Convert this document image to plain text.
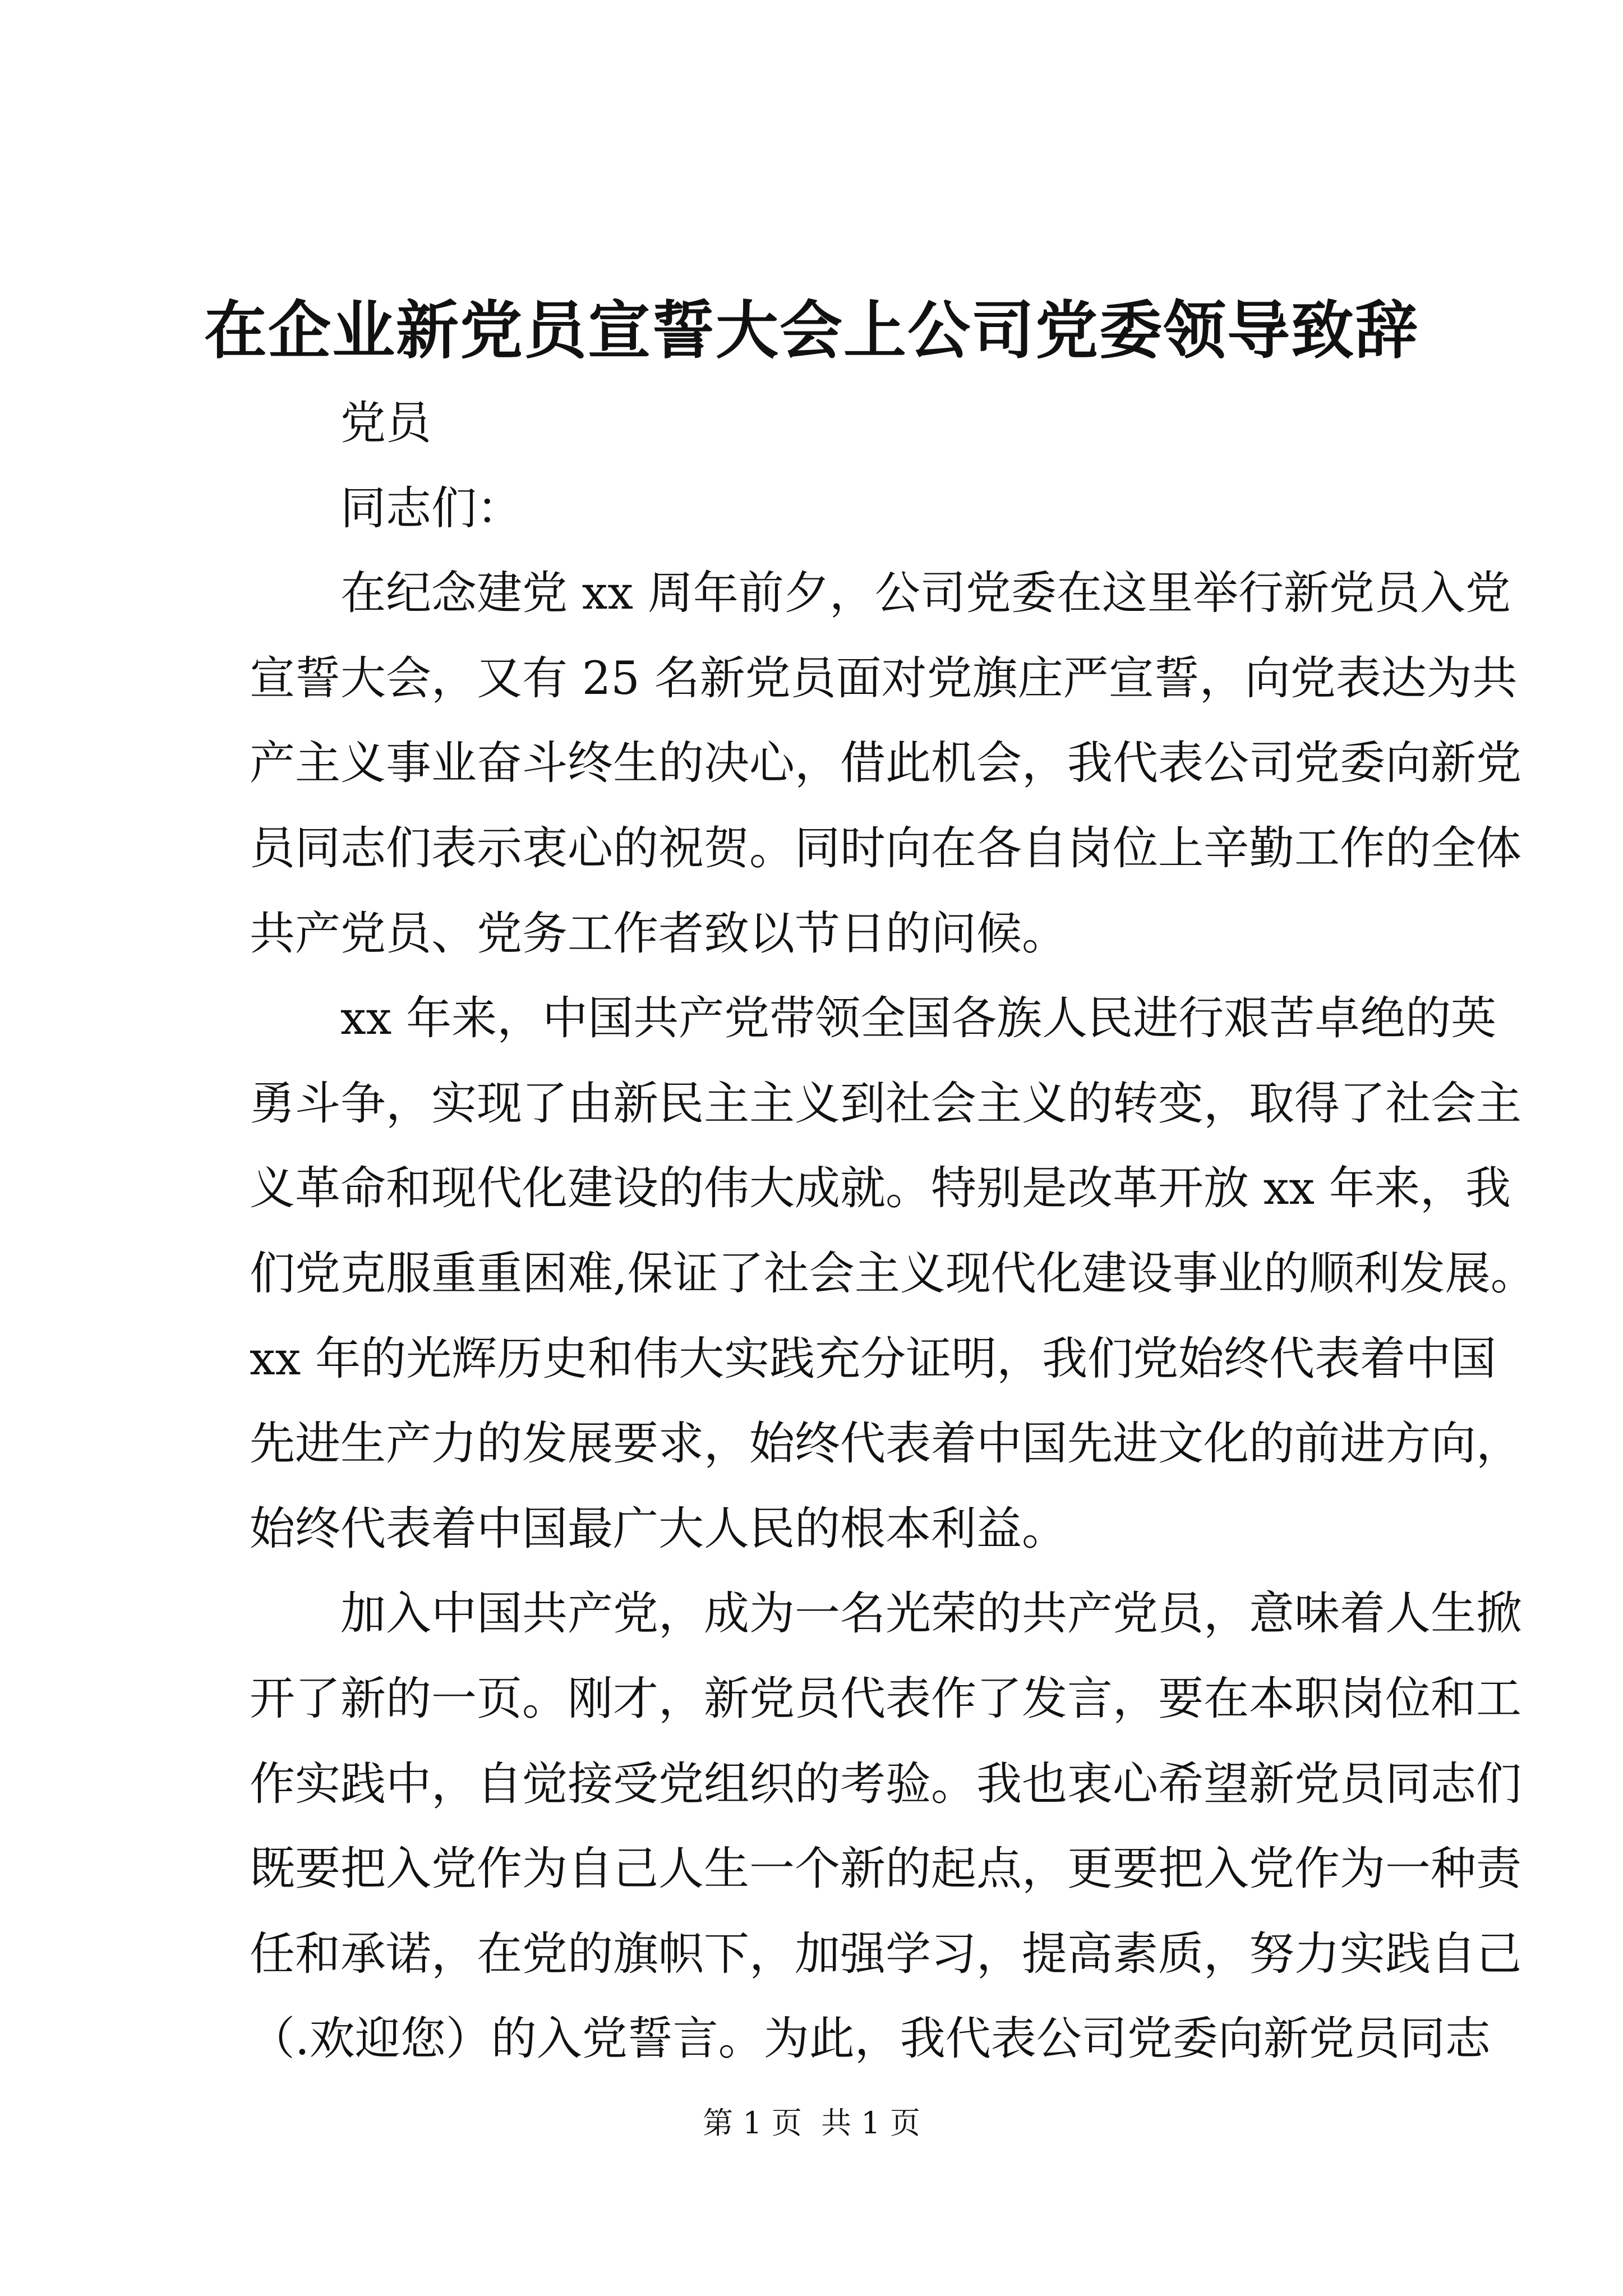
在企业新党员宣誓大会上公司党委领导致辞
党员
同志们：
在纪念建党 xx 周年前夕，公司党委在这里举行新党员入党
宣誓大会，又有 25 名新党员面对党旗庄严宣誓，向党表达为共
产主义事业奋斗终生的决心，借此机会，我代表公司党委向新党
员同志们表示衷心的祝贺。同时向在各自岗位上辛勤工作的全体
共产党员、党务工作者致以节日的问候。
xx 年来，中国共产党带领全国各族人民进行艰苦卓绝的英
勇斗争，实现了由新民主主义到社会主义的转变，取得了社会主
义革命和现代化建设的伟大成就。特别是改革开放 xx 年来，我
们党克服重重困难,保证了社会主义现代化建设事业的顺利发展。
xx 年的光辉历史和伟大实践充分证明，我们党始终代表着中国
先进生产力的发展要求，始终代表着中国先进文化的前进方向，
始终代表着中国最广大人民的根本利益。
加入中国共产党，成为一名光荣的共产党员，意味着人生掀
开了新的一页。刚才，新党员代表作了发言，要在本职岗位和工
作实践中，自觉接受党组织的考验。我也衷心希望新党员同志们
既要把入党作为自己人生一个新的起点，更要把入党作为一种责
任和承诺，在党的旗帜下，加强学习，提高素质，努力实践自己
（.欢迎您）的入党誓言。为此，我代表公司党委向新党员同志
第 1 页  共 1 页
